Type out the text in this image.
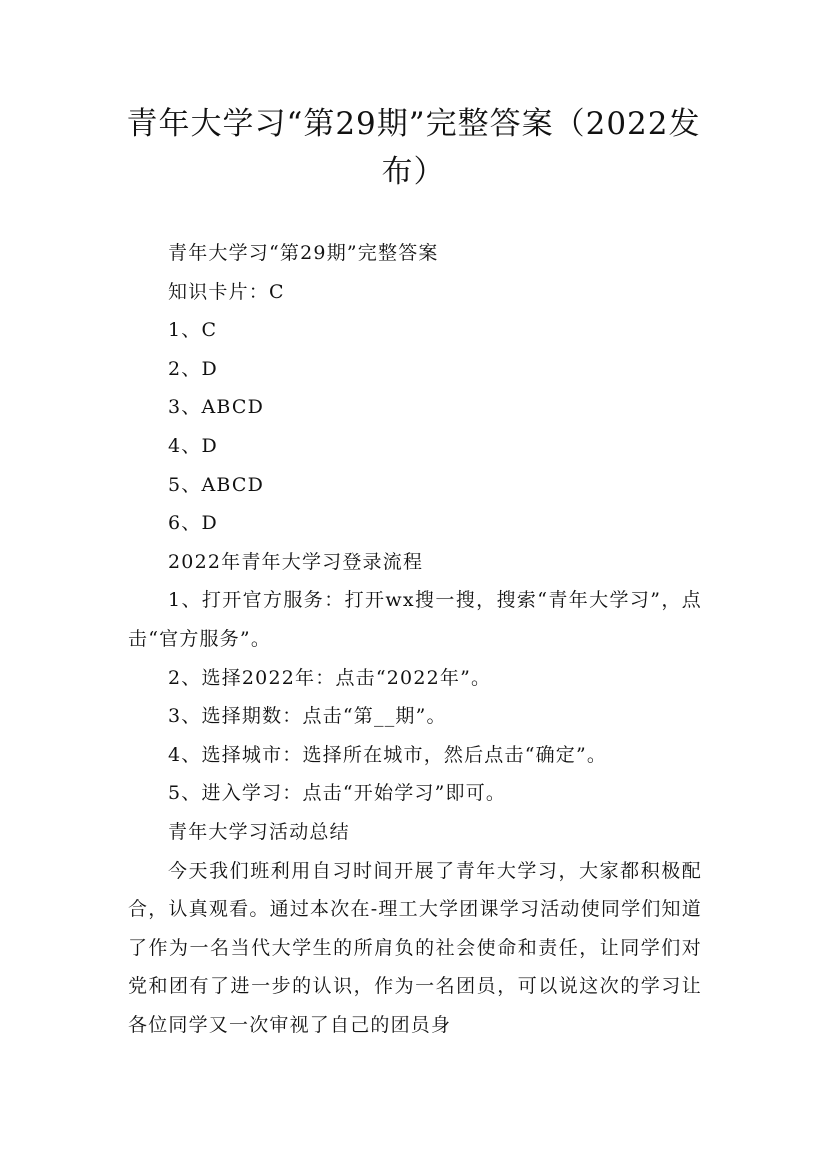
青年大学习“第29期”完整答案（2022发布）

青年大学习“第29期”完整答案

知识卡片：C

1、C

2、D

3、ABCD

4、D

5、ABCD

6、D

2022年青年大学习登录流程

1、打开官方服务：打开wx搜一搜，搜索“青年大学习”，点击“官方服务”。

2、选择2022年：点击“2022年”。

3、选择期数：点击“第__期”。

4、选择城市：选择所在城市，然后点击“确定”。

5、进入学习：点击“开始学习”即可。

青年大学习活动总结

今天我们班利用自习时间开展了青年大学习，大家都积极配合，认真观看。通过本次在-理工大学团课学习活动使同学们知道了作为一名当代大学生的所肩负的社会使命和责任，让同学们对党和团有了进一步的认识，作为一名团员，可以说这次的学习让各位同学又一次审视了自己的团员身
